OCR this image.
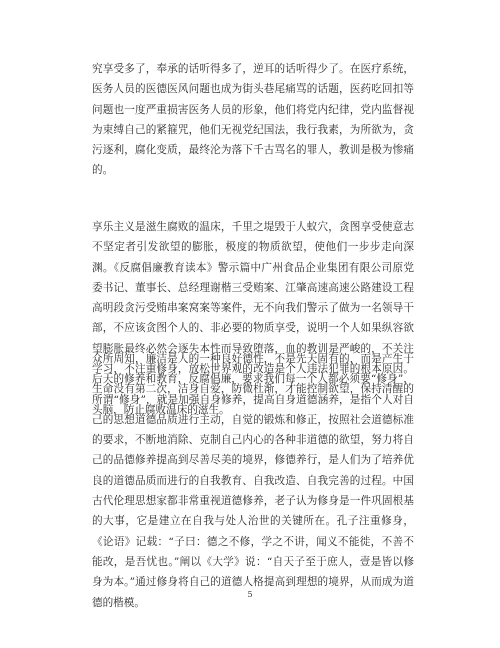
究享受多了，奉承的话听得多了，逆耳的话听得少了。在医疗系统，医务人员的医德医风问题也成为街头巷尾痛骂的话题，医药吃回扣等问题也一度严重损害医务人员的形象，他们将党内纪律，党内监督视为束缚自己的紧箍咒，他们无视党纪国法，我行我素，为所欲为，贪污逐利，腐化变质，最终沦为落下千古骂名的罪人，教训是极为惨痛的。

享乐主义是滋生腐败的温床，千里之堤毁于人蚁穴，贪图享受使意志不坚定者引发欲望的膨胀，极度的物质欲望，使他们一步步走向深渊。《反腐倡廉教育读本》警示篇中广州食品企业集团有限公司原党委书记、董事长、总经理谢楷三受贿案、江肇高速高速公路建设工程高明段贪污受贿串案窝案等案件，无不向我们警示了做为一名领导干部，不应该贪图个人的、非必要的物质享受，说明一个人如果纵容欲望膨胀最终必然会逐失本性而导致堕落，血的教训是严峻的，不关注学习，不注重修身，放松世界观的改造是个人违法犯罪的根本原因。生命没有第二次，洁身自爱，防微杜渐，才能控制欲望，保持清醒的头脑，防止腐败温床的滋生。

众所周知，廉洁是人的一种良好德性，不是先天固有的，而是产生于后天的修养和教育，反腐倡廉，要求我们每一个人都必须要“修身”，所谓“修身”，就是加强自身修养，提高自身道德涵养，是指个人对自己的思想道德品质进行主动，自觉的锻炼和修正，按照社会道德标准的要求，不断地消除、克制自己内心的各种非道德的欲望，努力将自己的品德修养提高到尽善尽美的境界，修德养行，是人们为了培养优良的道德品质而进行的自我教育、自我改造、自我完善的过程。中国古代伦理思想家都非常重视道德修养，老子认为修身是一件巩固根基的大事，它是建立在自我与处人治世的关键所在。孔子注重修身，《论语》记载：“子曰：德之不修，学之不讲，闻义不能徙，不善不能改，是吾忧也。”阐以《大学》说：“自天子至于庶人，壹是皆以修身为本。”通过修身将自己的道德人格提高到理想的境界，从而成为道德的楷模。

5
